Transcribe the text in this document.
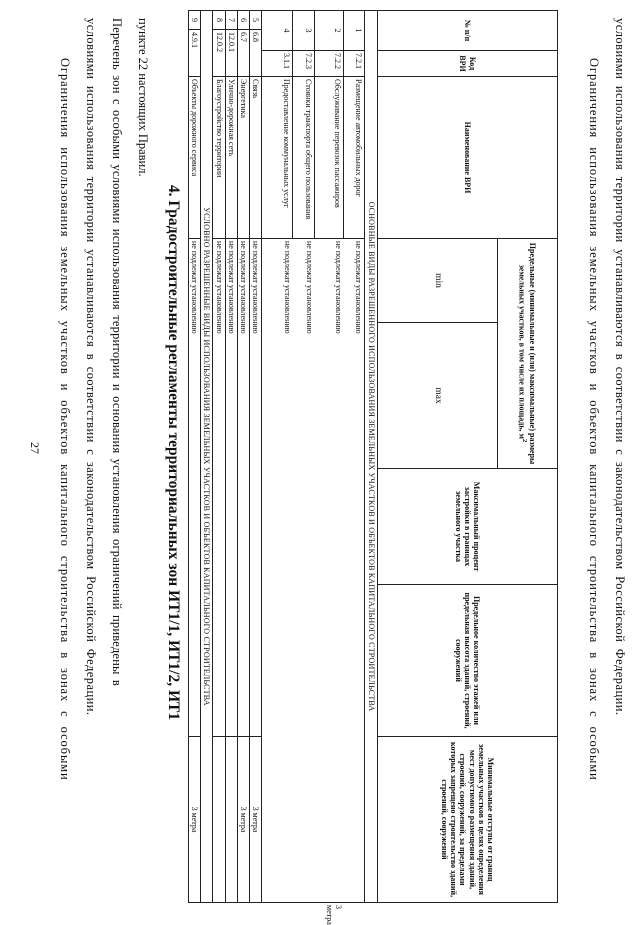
27 Ограничения использования земельных участков и объектов капитального строительства в зонах с особыми условиями использования территории устанавливаются в соответствии с законодательством Российской Федерации. Перечень зон с особыми условиями использования территории и основания установления ограничений приведены в пункте 22 настоящих Правил.
4. Градостроительные регламенты территориальных зон ИТ1/1, ИТ1/2, ИТ1
№ п/п		Код ВРИ	Наименование ВРИ	Предельные (минимальные и (или) максимальные) размеры земельных участков, в том числе их площадь, $м^2$		Максимальный процент застройки в границах земельного участка	Предельное количество этажей или предельная высота зданий, строений, сооружений	Минимальные отступы от границ земельных участков в целях определения мест допустимого размещения зданий, строений, сооружений, за пределами которых запрещено строительство зданий, строений, сооружений	
				min	max				
ОСНОВНЫЕ ВИДЫ РАЗРЕШЕННОГО ИСПОЛЬЗОВАНИЯ ЗЕМЕЛЬНЫХ УЧАСТКОВ И ОБЪЕКТОВ КАПИТАЛЬНОГО СТРОИТЕЛЬСТВА									
1		7.2.1	Размещение автомобильных дорог	не подлежат установлению					
2		7.2.2	Обслуживание перевозок пассажиров	не подлежат установлению					3 метра
3		7.2.3	Стоянки транспорта общего пользования	не подлежат установлению					
4		3.1.1	Предоставление коммунальных услуг	не подлежат установлению					
5	6.8		Связь	не подлежат установлению				3 метра	
6	6.7		Энергетика	не подлежат установлению				3 метра	
7	12.0.1		Улично-дорожная сеть	не подлежат установлению					
8	12.0.2		Благоустройство территории	не подлежат установлению					
УСЛОВНО РАЗРЕШЕННЫЕ ВИДЫ ИСПОЛЬЗОВАНИЯ ЗЕМЕЛЬНЫХ УЧАСТКОВ И ОБЪЕКТОВ КАПИТАЛЬНОГО СТРОИТЕЛЬСТВА									
9	4.9.1		Объекты дорожного сервиса	не подлежат установлению				3 метра	
Ограничения использования земельных участков и объектов капитального строительства в зонах с особыми условиями использования территории устанавливаются в соответствии с законодательством Российской Федерации.
